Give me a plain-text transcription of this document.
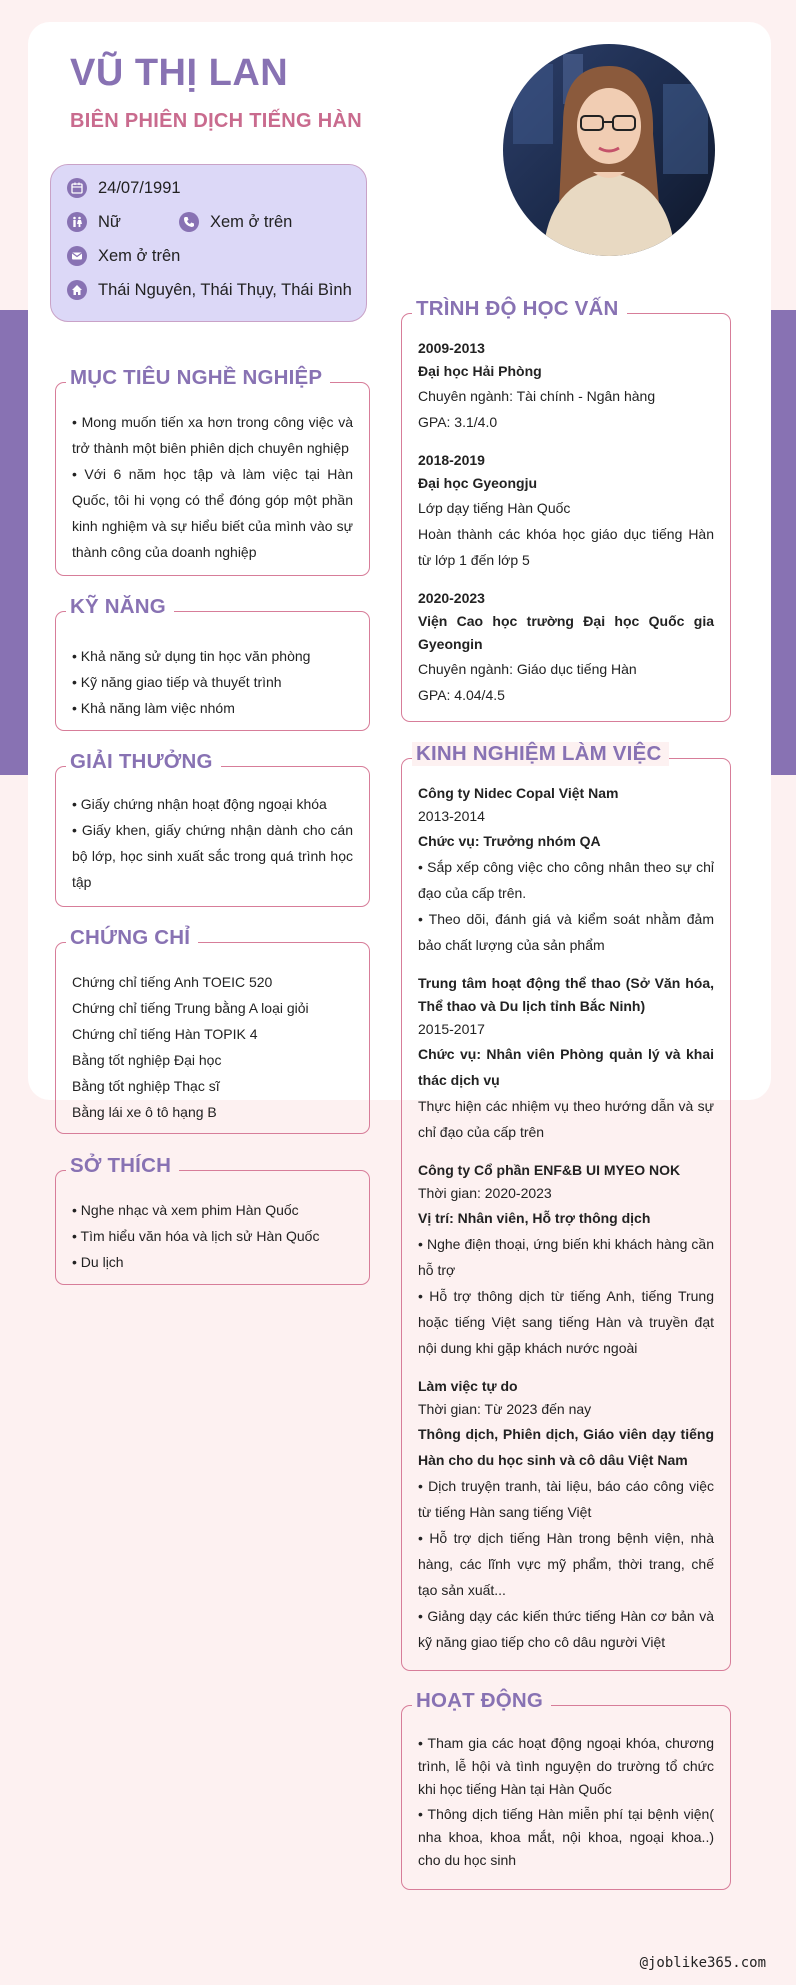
VŨ THỊ LAN
BIÊN PHIÊN DỊCH TIẾNG HÀN
24/07/1991
Nữ	Xem ở trên
Xem ở trên
Thái Nguyên, Thái Thụy, Thái Bình
MỤC TIÊU NGHỀ NGHIỆP

• Mong muốn tiến xa hơn trong công việc và trở thành một biên phiên dịch chuyên nghiệp

• Với 6 năm học tập và làm việc tại Hàn Quốc, tôi hi vọng có thể đóng góp một phần kinh nghiệm và sự hiểu biết của mình vào sự thành công của doanh nghiệp

KỸ NĂNG

• Khả năng sử dụng tin học văn phòng

• Kỹ năng giao tiếp và thuyết trình

• Khả năng làm việc nhóm

GIẢI THƯỞNG

• Giấy chứng nhận hoạt động ngoại khóa

• Giấy khen, giấy chứng nhận dành cho cán bộ lớp, học sinh xuất sắc trong quá trình học tập

CHỨNG CHỈ

Chứng chỉ tiếng Anh TOEIC 520

Chứng chỉ tiếng Trung bằng A loại giỏi

Chứng chỉ tiếng Hàn TOPIK 4

Bằng tốt nghiệp Đại học

Bằng tốt nghiệp Thạc sĩ

Bằng lái xe ô tô hạng B

SỞ THÍCH

• Nghe nhạc và xem phim Hàn Quốc

• Tìm hiểu văn hóa và lịch sử Hàn Quốc

• Du lịch

TRÌNH ĐỘ HỌC VẤN

2009-2013

Đại học Hải Phòng

Chuyên ngành: Tài chính - Ngân hàng

GPA: 3.1/4.0

2018-2019

Đại học Gyeongju

Lớp dạy tiếng Hàn Quốc

Hoàn thành các khóa học giáo dục tiếng Hàn từ lớp 1 đến lớp 5

2020-2023

Viện Cao học trường Đại học Quốc gia Gyeongin

Chuyên ngành: Giáo dục tiếng Hàn

GPA: 4.04/4.5

KINH NGHIỆM LÀM VIỆC

Công ty Nidec Copal Việt Nam

2013-2014

Chức vụ: Trưởng nhóm QA

• Sắp xếp công việc cho công nhân theo sự chỉ đạo của cấp trên.

• Theo dõi, đánh giá và kiểm soát nhằm đảm bảo chất lượng của sản phẩm

Trung tâm hoạt động thể thao (Sở Văn hóa, Thể thao và Du lịch tỉnh Bắc Ninh)

2015-2017

Chức vụ: Nhân viên Phòng quản lý và khai thác dịch vụ

Thực hiện các nhiệm vụ theo hướng dẫn và sự chỉ đạo của cấp trên

Công ty Cổ phần ENF&B UI MYEO NOK

Thời gian: 2020-2023

Vị trí: Nhân viên, Hỗ trợ thông dịch

• Nghe điện thoại, ứng biến khi khách hàng cần hỗ trợ

• Hỗ trợ thông dịch từ tiếng Anh, tiếng Trung hoặc tiếng Việt sang tiếng Hàn và truyền đạt nội dung khi gặp khách nước ngoài

Làm việc tự do

Thời gian: Từ 2023 đến nay

Thông dịch, Phiên dịch, Giáo viên dạy tiếng Hàn cho du học sinh và cô dâu Việt Nam

• Dịch truyện tranh, tài liệu, báo cáo công việc từ tiếng Hàn sang tiếng Việt

• Hỗ trợ dịch tiếng Hàn trong bệnh viện, nhà hàng, các lĩnh vực mỹ phẩm, thời trang, chế tạo sản xuất...

• Giảng dạy các kiến thức tiếng Hàn cơ bản và kỹ năng giao tiếp cho cô dâu người Việt

HOẠT ĐỘNG

• Tham gia các hoạt động ngoại khóa, chương trình, lễ hội và tình nguyện do trường tổ chức khi học tiếng Hàn tại Hàn Quốc

• Thông dịch tiếng Hàn miễn phí tại bệnh viện( nha khoa, khoa mắt, nội khoa, ngoại khoa..) cho du học sinh

@joblike365.com
